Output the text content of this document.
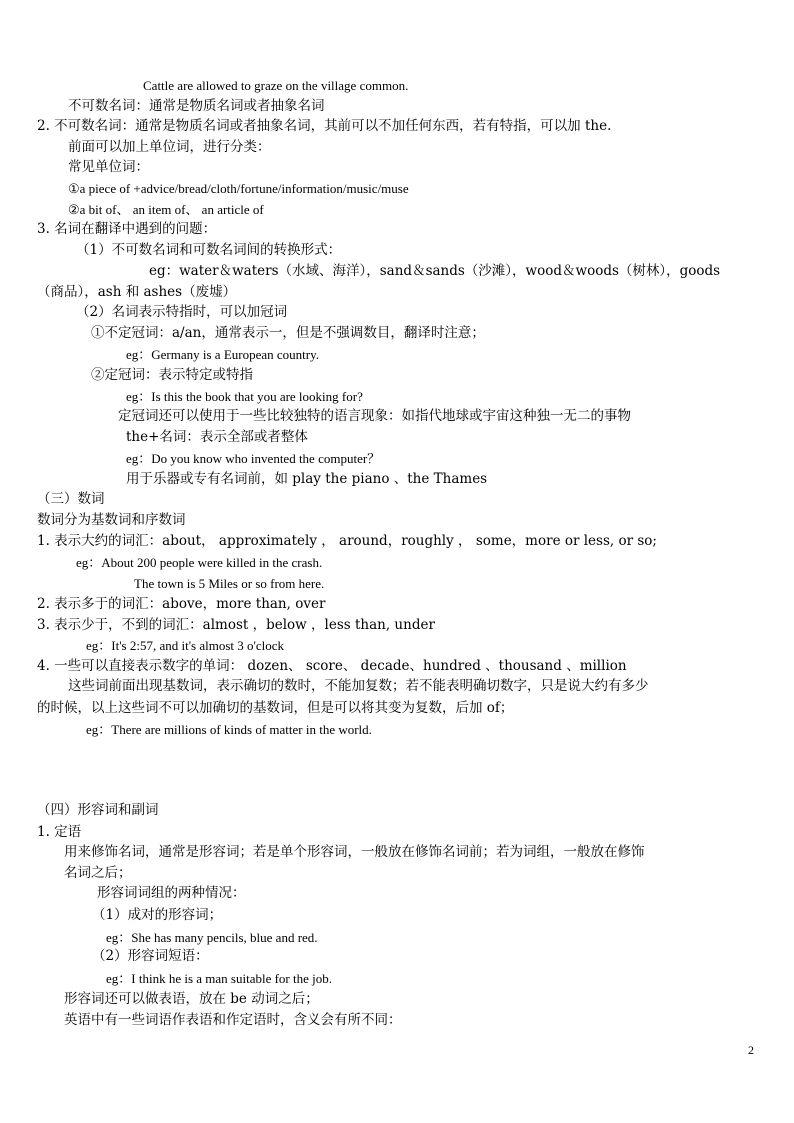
Cattle are allowed to graze on the village common.
不可数名词：通常是物质名词或者抽象名词
2. 不可数名词：通常是物质名词或者抽象名词，其前可以不加任何东西，若有特指，可以加 the.
前面可以加上单位词，进行分类：
常见单位词：
①a piece of +advice/bread/cloth/fortune/information/music/muse
②a bit of、 an item of、 an article of
3. 名词在翻译中遇到的问题：
（1）不可数名词和可数名词间的转换形式：
eg：water＆waters（水域、海洋），sand＆sands（沙滩），wood＆woods（树林），goods
（商品），ash 和 ashes（废墟）
（2）名词表示特指时，可以加冠词
①不定冠词：a/an，通常表示一，但是不强调数目，翻译时注意；
eg：Germany is a European country.
②定冠词：表示特定或特指
eg：Is this the book that you are looking for?
定冠词还可以使用于一些比较独特的语言现象：如指代地球或宇宙这种独一无二的事物
the+名词：表示全部或者整体
eg：Do you know who invented the computer？
用于乐器或专有名词前，如 play the piano 、the Thames
（三）数词
数词分为基数词和序数词
1. 表示大约的词汇：about， approximately ， around，roughly ， some，more or less, or so;
eg：About 200 people were killed in the crash.
The town is 5 Miles or so from here.
2. 表示多于的词汇：above，more than, over
3. 表示少于，不到的词汇：almost ，below ，less than, under
eg：It's 2:57, and it's almost 3 o'clock
4. 一些可以直接表示数字的单词： dozen、 score、 decade、hundred 、thousand 、million
这些词前面出现基数词，表示确切的数时，不能加复数；若不能表明确切数字，只是说大约有多少
的时候，以上这些词不可以加确切的基数词，但是可以将其变为复数，后加 of；
eg：There are millions of kinds of matter in the world.
（四）形容词和副词
1. 定语
用来修饰名词，通常是形容词；若是单个形容词，一般放在修饰名词前；若为词组，一般放在修饰
名词之后；
形容词词组的两种情况：
（1）成对的形容词；
eg：She has many pencils, blue and red.
（2）形容词短语：
eg：I think he is a man suitable for the job.
形容词还可以做表语，放在 be 动词之后；
英语中有一些词语作表语和作定语时，含义会有所不同：
2
